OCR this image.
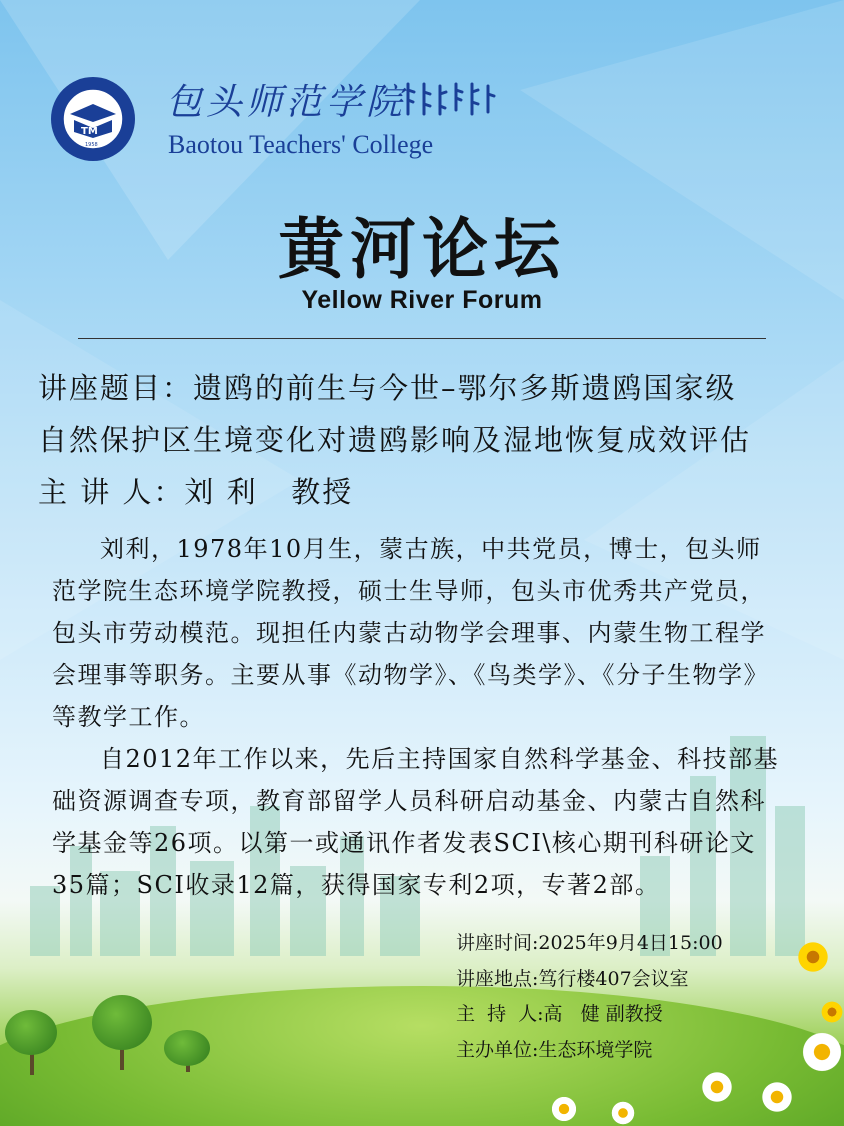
TM
1958
包头师范学院
Baotou Teachers' College
黄河论坛
Yellow River Forum
讲座题目：遗鸥的前生与今世–鄂尔多斯遗鸥国家级
自然保护区生境变化对遗鸥影响及湿地恢复成效评估
主 讲 人：刘 利   教授

刘利，1978年10月生，蒙古族，中共党员，博士，包头师范学院生态环境学院教授，硕士生导师，包头市优秀共产党员，包头市劳动模范。现担任内蒙古动物学会理事、内蒙生物工程学会理事等职务。主要从事《动物学》、《鸟类学》、《分子生物学》等教学工作。

自2012年工作以来，先后主持国家自然科学基金、科技部基础资源调查专项，教育部留学人员科研启动基金、内蒙古自然科学基金等26项。以第一或通讯作者发表SCI\核心期刊科研论文35篇；SCI收录12篇，获得国家专利2项，专著2部。

讲座时间:2025年9月4日15:00
讲座地点:笃行楼407会议室
主  持  人:高   健 副教授
主办单位:生态环境学院
